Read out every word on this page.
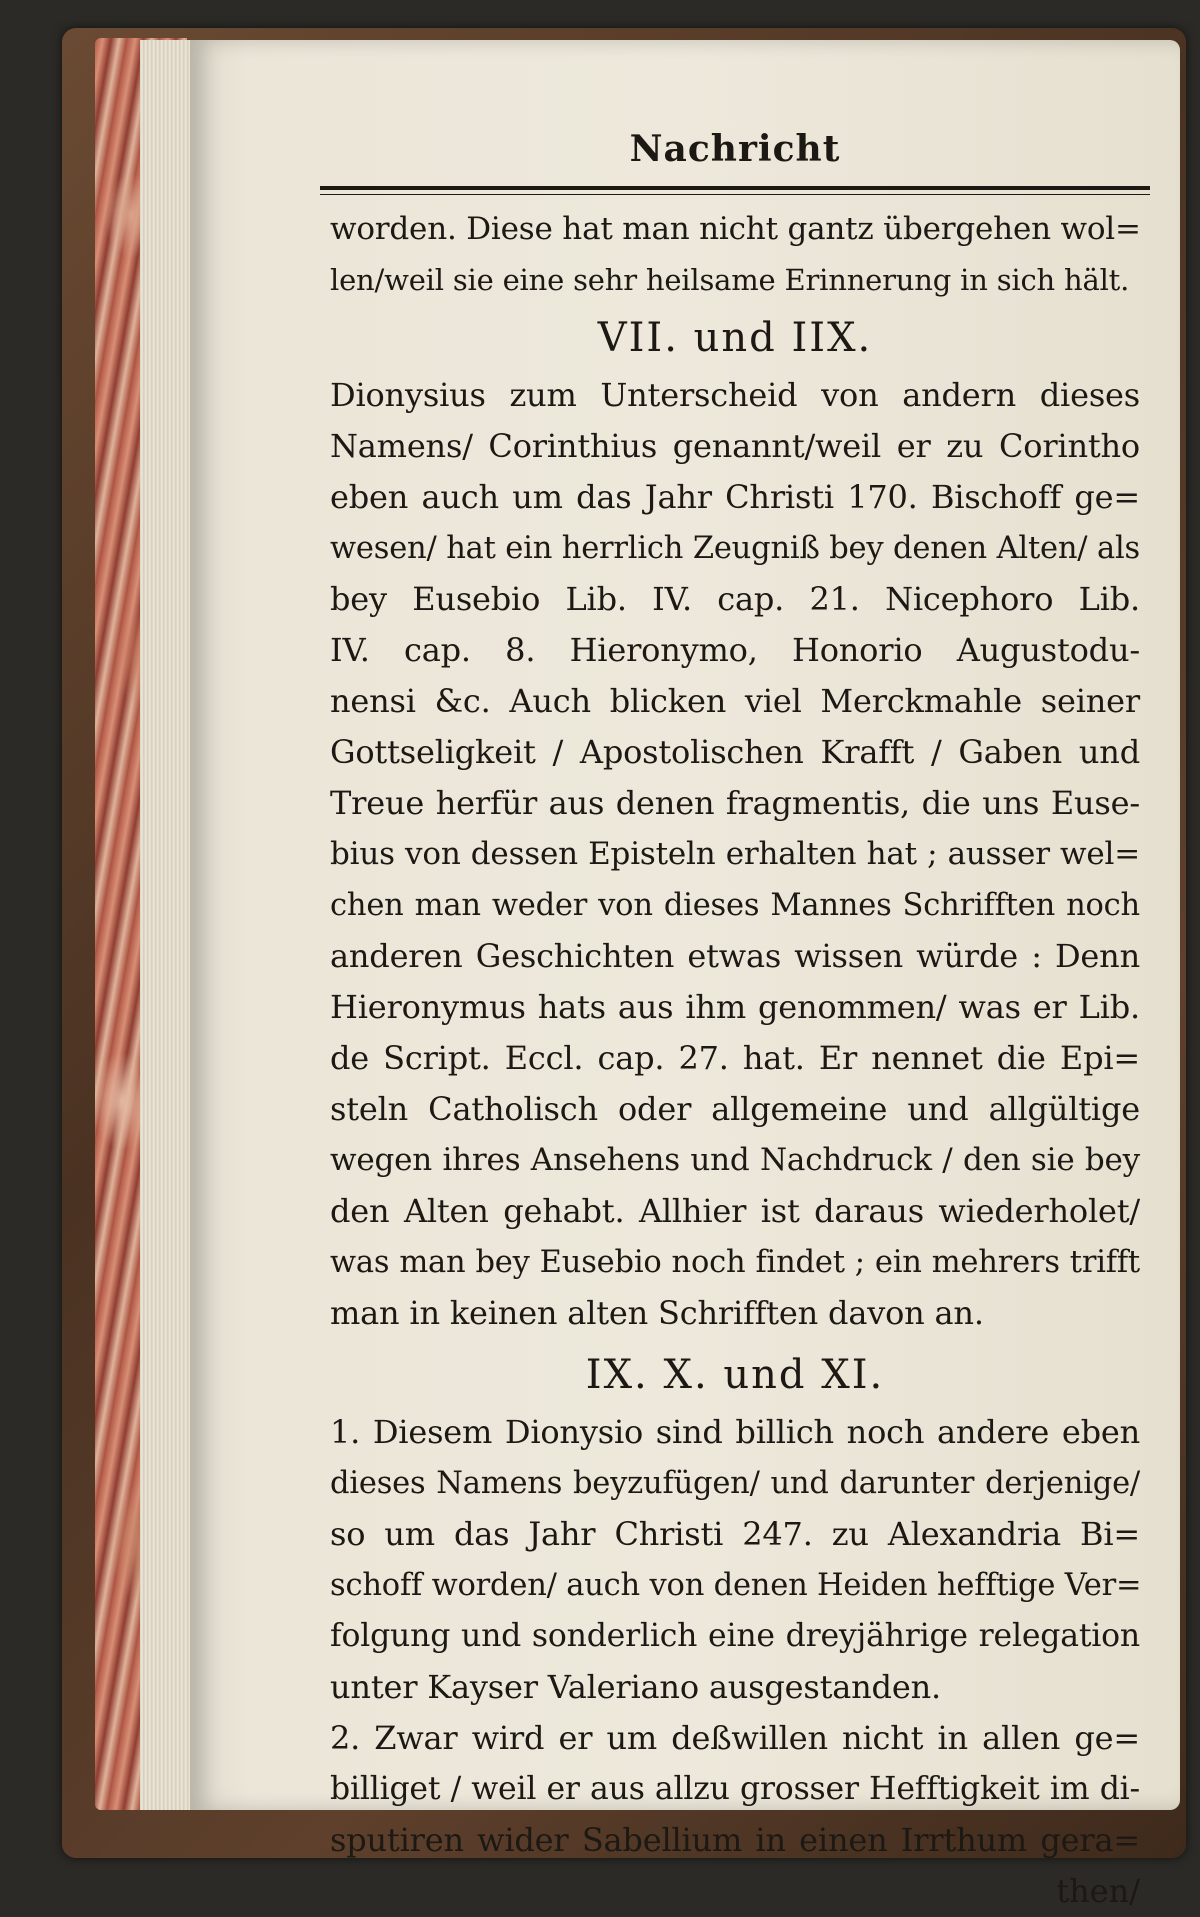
Nachricht
worden. Diese hat man nicht gantz übergehen wol=
len/weil sie eine sehr heilsame Erinnerung in sich hält.
VII. und IIX.
Dionysius zum Unterscheid von andern dieses
Namens/ Corinthius genannt/weil er zu Corintho
eben auch um das Jahr Christi 170. Bischoff ge=
wesen/ hat ein herrlich Zeugniß bey denen Alten/ als
bey Eusebio Lib. IV. cap. 21. Nicephoro Lib.
IV. cap. 8. Hieronymo, Honorio Augustodu-
nensi &c. Auch blicken viel Merckmahle seiner
Gottseligkeit / Apostolischen Krafft / Gaben und
Treue herfür aus denen fragmentis, die uns Euse-
bius von dessen Episteln erhalten hat ; ausser wel=
chen man weder von dieses Mannes Schrifften noch
anderen Geschichten etwas wissen würde : Denn
Hieronymus hats aus ihm genommen/ was er Lib.
de Script. Eccl. cap. 27. hat. Er nennet die Epi=
steln Catholisch oder allgemeine und allgültige
wegen ihres Ansehens und Nachdruck / den sie bey
den Alten gehabt. Allhier ist daraus wiederholet/
was man bey Eusebio noch findet ; ein mehrers trifft
man in keinen alten Schrifften davon an.
IX. X. und XI.
1. Diesem Dionysio sind billich noch andere eben
dieses Namens beyzufügen/ und darunter derjenige/
so um das Jahr Christi 247. zu Alexandria Bi=
schoff worden/ auch von denen Heiden hefftige Ver=
folgung und sonderlich eine dreyjährige relegation
unter Kayser Valeriano ausgestanden.
2. Zwar wird er um deßwillen nicht in allen ge=
billiget / weil er aus allzu grosser Hefftigkeit im di-
sputiren wider Sabellium in einen Irrthum gera=
then/
